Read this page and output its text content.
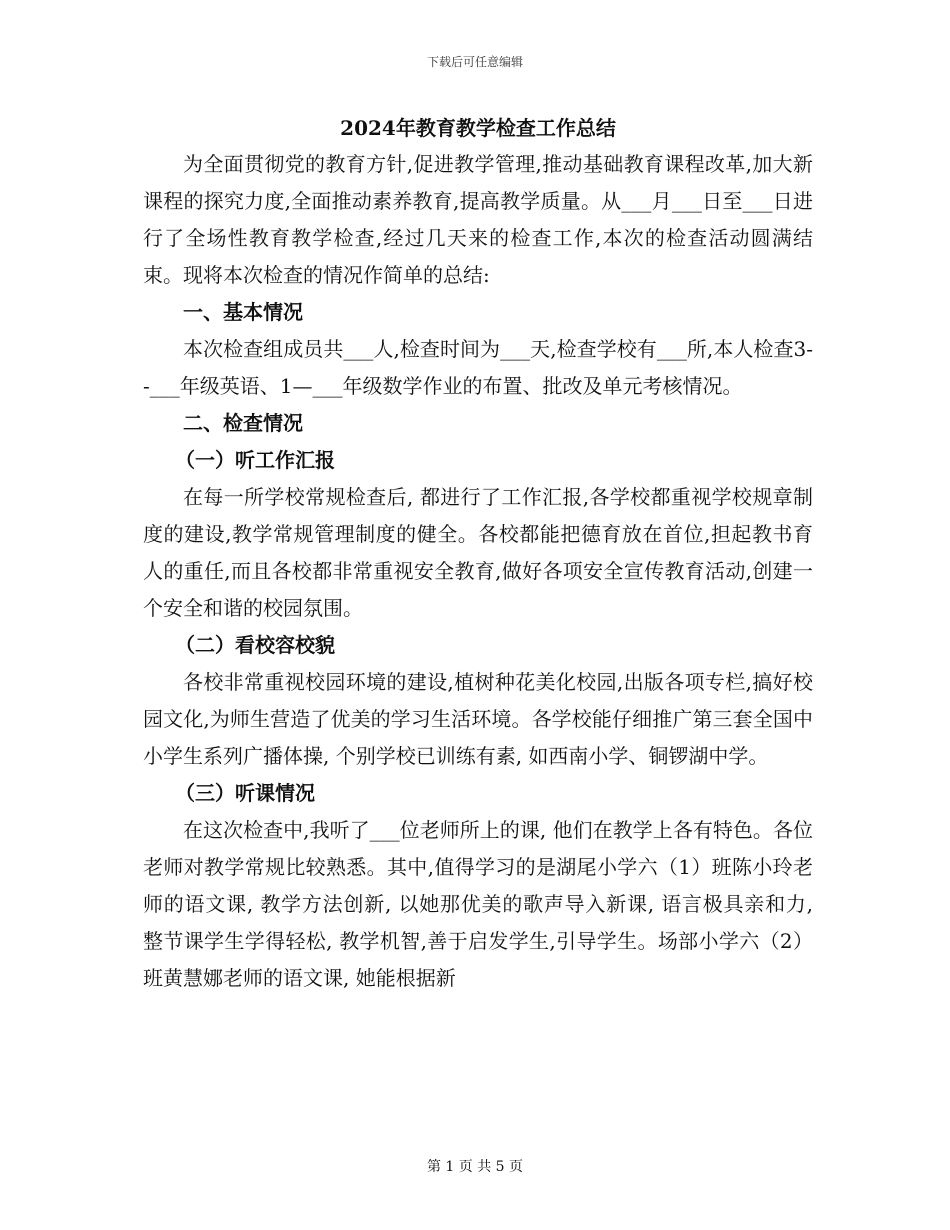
下载后可任意编辑
2024年教育教学检查工作总结

为全面贯彻党的教育方针,促进教学管理,推动基础教育课程改革,加大新课程的探究力度,全面推动素养教育,提高教学质量。从___月___日至___日进行了全场性教育教学检查,经过几天来的检查工作,本次的检查活动圆满结束。现将本次检查的情况作简单的总结:

一、基本情况

本次检查组成员共___人,检查时间为___天,检查学校有___所,本人检查3--___年级英语、1—___年级数学作业的布置、批改及单元考核情况。

二、检查情况

（一）听工作汇报

在每一所学校常规检查后, 都进行了工作汇报,各学校都重视学校规章制度的建设,教学常规管理制度的健全。各校都能把德育放在首位,担起教书育人的重任,而且各校都非常重视安全教育,做好各项安全宣传教育活动,创建一个安全和谐的校园氛围。

（二）看校容校貌

各校非常重视校园环境的建设,植树种花美化校园,出版各项专栏,搞好校园文化,为师生营造了优美的学习生活环境。各学校能仔细推广第三套全国中小学生系列广播体操, 个别学校已训练有素, 如西南小学、铜锣湖中学。

（三）听课情况

在这次检查中,我听了___位老师所上的课, 他们在教学上各有特色。各位老师对教学常规比较熟悉。其中,值得学习的是湖尾小学六（1）班陈小玲老师的语文课, 教学方法创新, 以她那优美的歌声导入新课, 语言极具亲和力, 整节课学生学得轻松, 教学机智,善于启发学生,引导学生。场部小学六（2）班黄慧娜老师的语文课, 她能根据新

第 1 页 共 5 页
